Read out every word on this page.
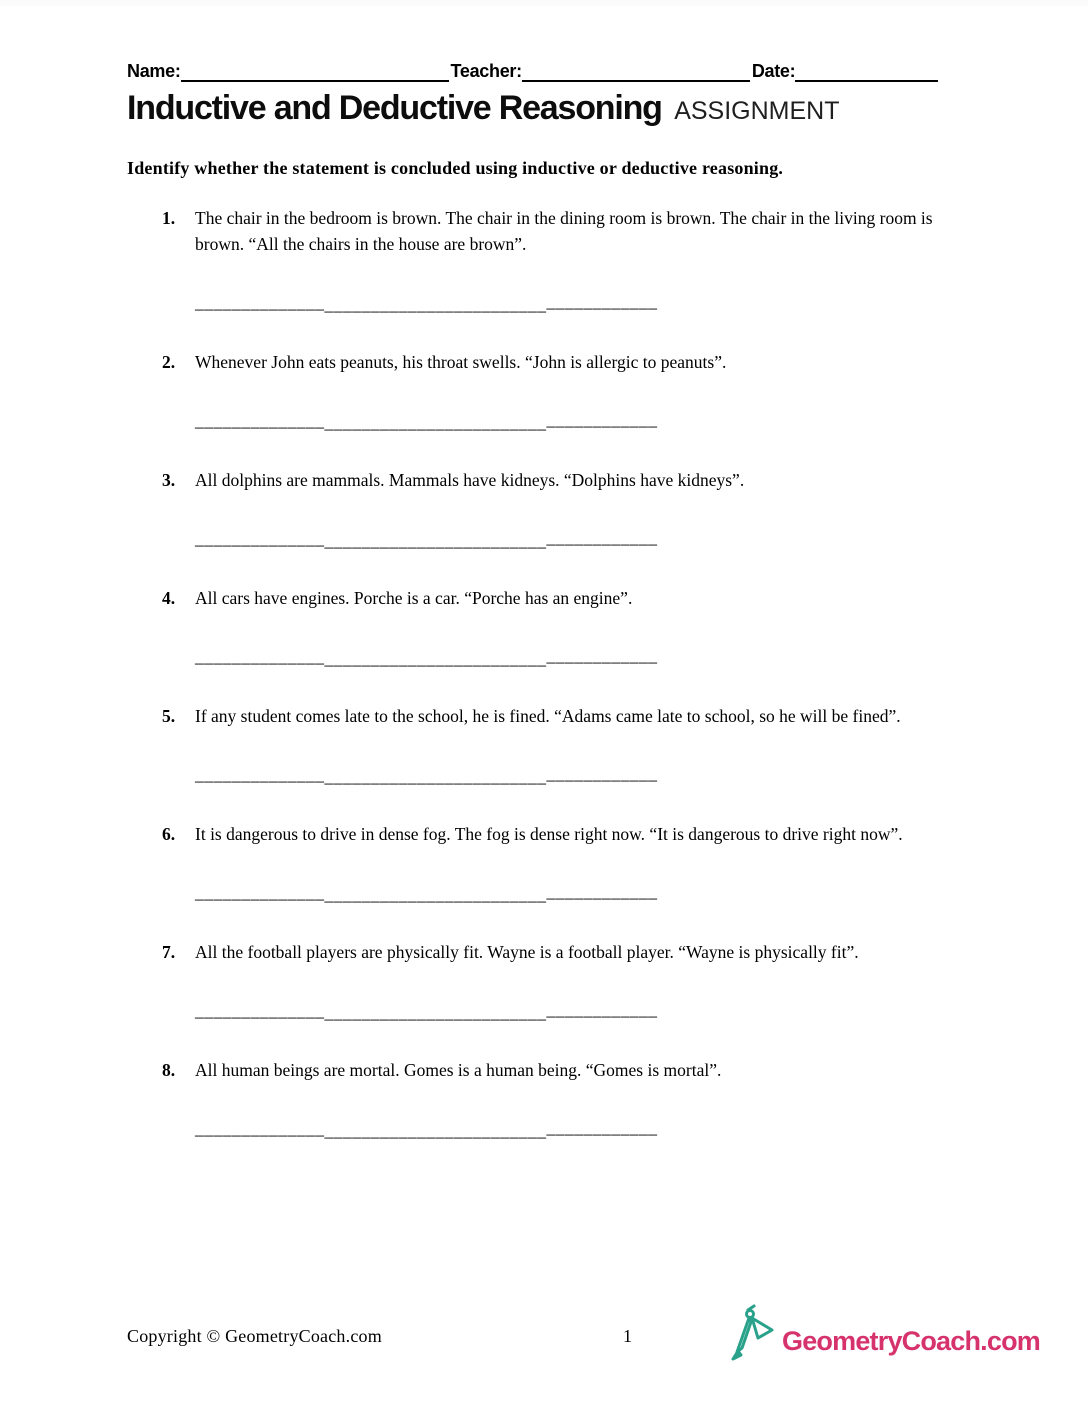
Name:	Teacher:	Date:
Inductive and Deductive Reasoning ASSIGNMENT

Identify whether the statement is concluded using inductive or deductive reasoning.

1. The chair in the bedroom is brown. The chair in the dining room is brown. The chair in the living room is brown. “All the chairs in the house are brown”.
__________________________________________________
2. Whenever John eats peanuts, his throat swells. “John is allergic to peanuts”.
__________________________________________________
3. All dolphins are mammals. Mammals have kidneys. “Dolphins have kidneys”.
__________________________________________________
4. All cars have engines. Porche is a car. “Porche has an engine”.
__________________________________________________
5. If any student comes late to the school, he is fined. “Adams came late to school, so he will be fined”.
__________________________________________________
6. It is dangerous to drive in dense fog. The fog is dense right now. “It is dangerous to drive right now”.
__________________________________________________
7. All the football players are physically fit. Wayne is a football player. “Wayne is physically fit”.
__________________________________________________
8. All human beings are mortal. Gomes is a human being. “Gomes is mortal”.
__________________________________________________
Copyright © GeometryCoach.com	1	GeometryCoach.com
